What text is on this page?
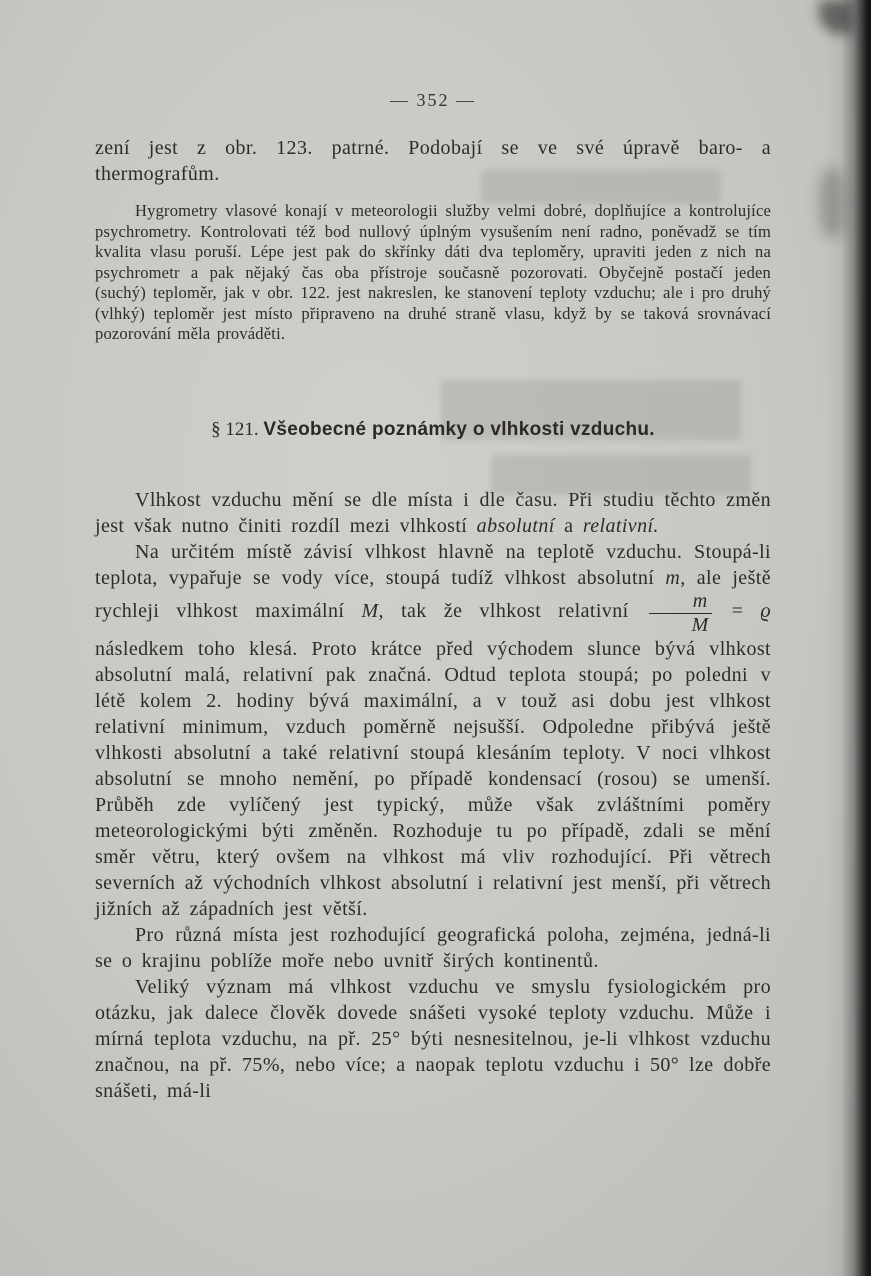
— 352 —

zení jest z obr. 123. patrné. Podobají se ve své úpravě baro- a thermografům.

Hygrometry vlasové konají v meteorologii služby velmi dobré, doplňujíce a kontrolujíce psychrometry. Kontrolovati též bod nullový úplným vysušením není radno, poněvadž se tím kvalita vlasu poruší. Lépe jest pak do skřínky dáti dva teploměry, upraviti jeden z nich na psychrometr a pak nějaký čas oba přístroje současně pozorovati. Obyčejně postačí jeden (suchý) teploměr, jak v obr. 122. jest nakreslen, ke stanovení teploty vzduchu; ale i pro druhý (vlhký) teploměr jest místo připraveno na druhé straně vlasu, když by se taková srovnávací pozorování měla prováděti.

§ 121. Všeobecné poznámky o vlhkosti vzduchu.

Vlhkost vzduchu mění se dle místa i dle času. Při studiu těchto změn jest však nutno činiti rozdíl mezi vlhkostí absolutní a relativní.

Na určitém místě závisí vlhkost hlavně na teplotě vzduchu. Stoupá-li teplota, vypařuje se vody více, stoupá tudíž vlhkost absolutní m, ale ještě rychleji vlhkost maximální M, tak že vlhkost relativní $\frac{m}{M} = ϱ$ následkem toho klesá. Proto krátce před východem slunce bývá vlhkost absolutní malá, relativní pak značná. Odtud teplota stoupá; po poledni v létě kolem 2. hodiny bývá maximální, a v touž asi dobu jest vlhkost relativní minimum, vzduch poměrně nejsušší. Odpoledne přibývá ještě vlhkosti absolutní a také relativní stoupá klesáním teploty. V noci vlhkost absolutní se mnoho nemění, po případě kondensací (rosou) se umenší. Průběh zde vylíčený jest typický, může však zvláštními poměry meteorologickými býti změněn. Rozhoduje tu po případě, zdali se mění směr větru, který ovšem na vlhkost má vliv rozhodující. Při větrech severních až východních vlhkost absolutní i relativní jest menší, při větrech jižních až západních jest větší.

Pro různá místa jest rozhodující geografická poloha, zejména, jedná-li se o krajinu poblíže moře nebo uvnitř širých kontinentů.

Veliký význam má vlhkost vzduchu ve smyslu fysiologickém pro otázku, jak dalece člověk dovede snášeti vysoké teploty vzduchu. Může i mírná teplota vzduchu, na př. 25° býti nesnesitelnou, je-li vlhkost vzduchu značnou, na př. 75%, nebo více; a naopak teplotu vzduchu i 50° lze dobře snášeti, má-li
